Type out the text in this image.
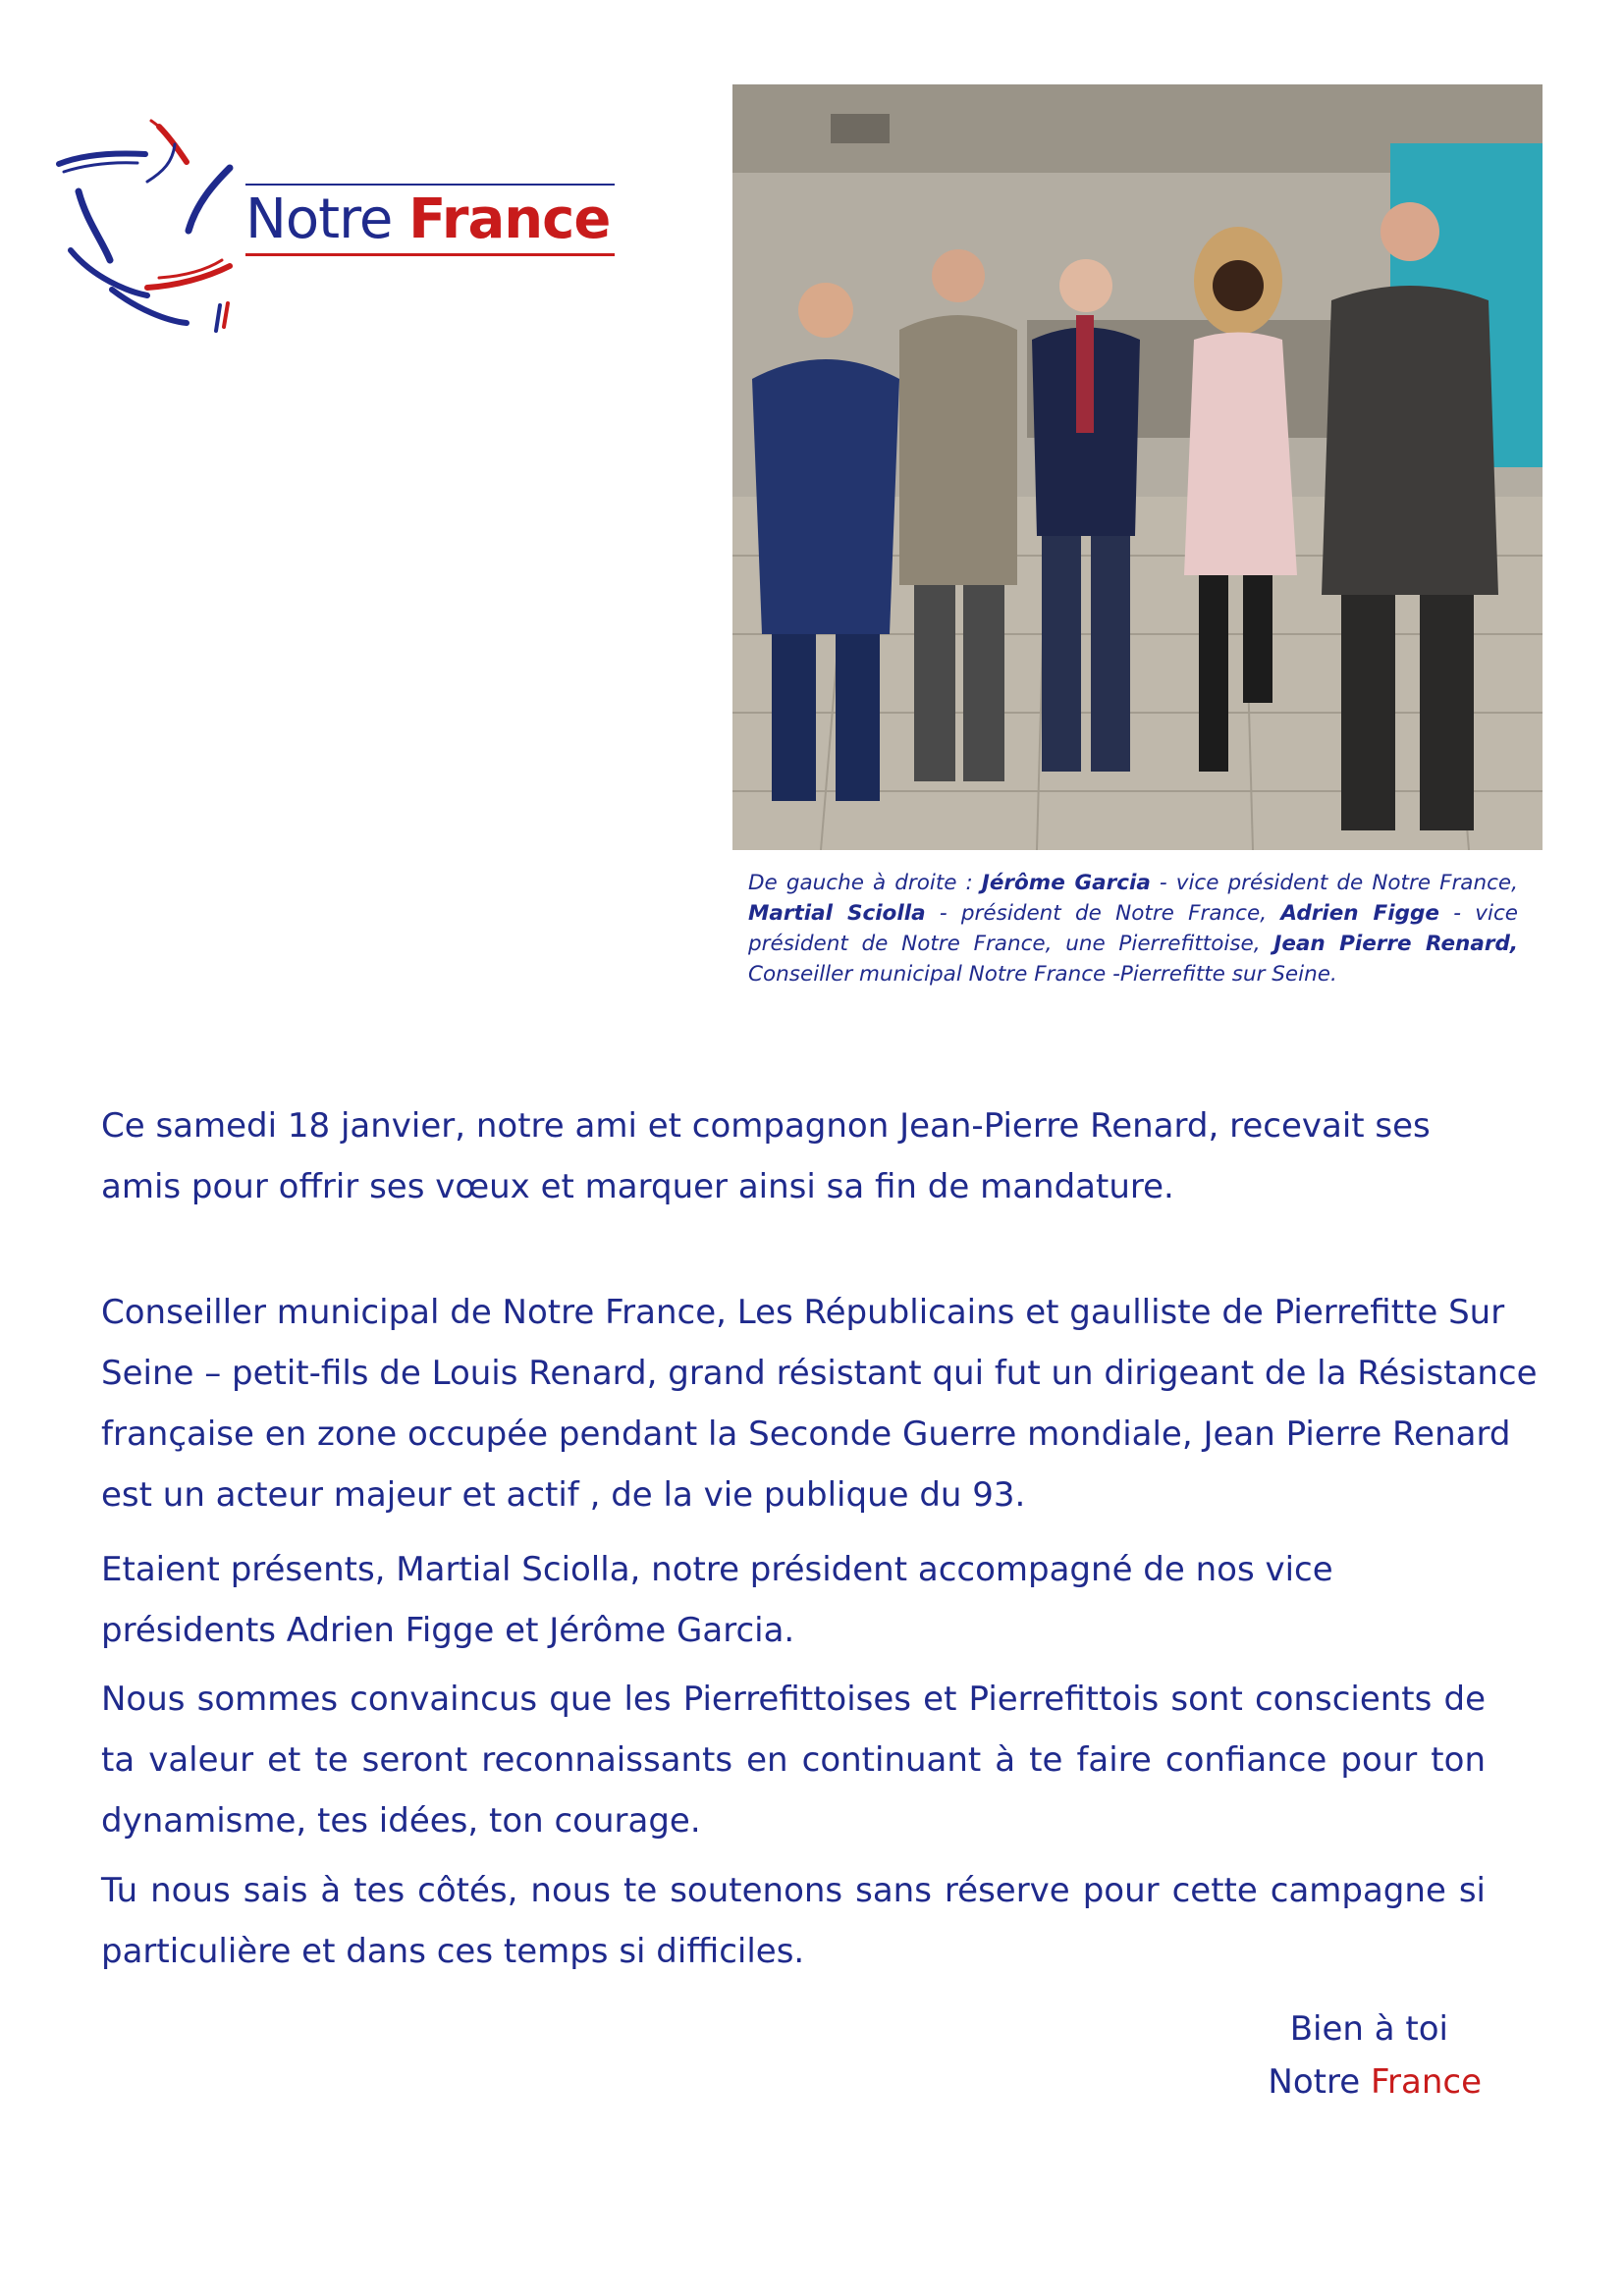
Notre France
De gauche à droite : Jérôme Garcia - vice président de Notre France, Martial Sciolla - président de Notre France, Adrien Figge - vice président de Notre France, une Pierrefittoise, Jean Pierre Renard, Conseiller municipal Notre France -Pierrefitte sur Seine.

Ce samedi 18 janvier, notre ami et compagnon Jean-Pierre Renard, recevait ses amis pour offrir ses vœux et marquer ainsi sa fin de mandature.

Conseiller municipal de Notre France, Les Républicains et gaulliste de Pierrefitte Sur Seine – petit-fils de Louis Renard, grand résistant qui fut un dirigeant de la Résistance française en zone occupée pendant la Seconde Guerre mondiale, Jean Pierre Renard est un acteur majeur et actif , de la vie publique du 93.

Etaient présents, Martial Sciolla, notre président accompagné de nos vice présidents Adrien Figge et Jérôme Garcia.

Nous sommes convaincus que les Pierrefittoises et Pierrefittois sont conscients de ta valeur et te seront reconnaissants en continuant à te faire confiance pour ton dynamisme, tes idées, ton courage.

Tu nous sais à tes côtés, nous te soutenons sans réserve pour cette campagne si particulière et dans ces temps si difficiles.

Bien à toi
Notre France
